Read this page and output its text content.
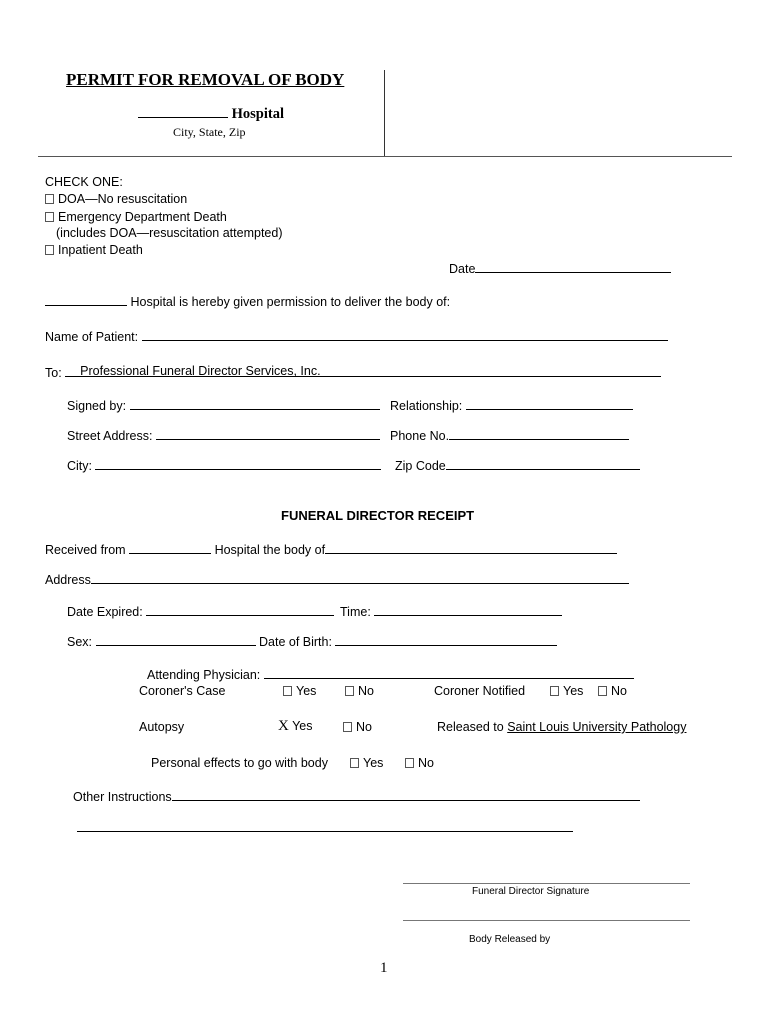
PERMIT FOR REMOVAL OF BODY
Hospital
City, State, Zip
CHECK ONE:
DOA—No resuscitation
Emergency Department Death
(includes DOA—resuscitation attempted)
Inpatient Death
Date
Hospital is hereby given permission to deliver the body of:
Name of Patient:
To: Professional Funeral Director Services, Inc.
Signed by:	Relationship:
Street Address:	Phone No.
City:	Zip Code
FUNERAL DIRECTOR RECEIPT
Received from	Hospital the body of
Address
Date Expired:	Time:
Sex:	Date of Birth:
Attending Physician:
Coroner's Case	Yes	No	Coroner Notified	Yes	No
Autopsy	X Yes	No	Released to Saint Louis University Pathology
Personal effects to go with body	Yes	No
Other Instructions
Funeral Director Signature
Body Released by
1
